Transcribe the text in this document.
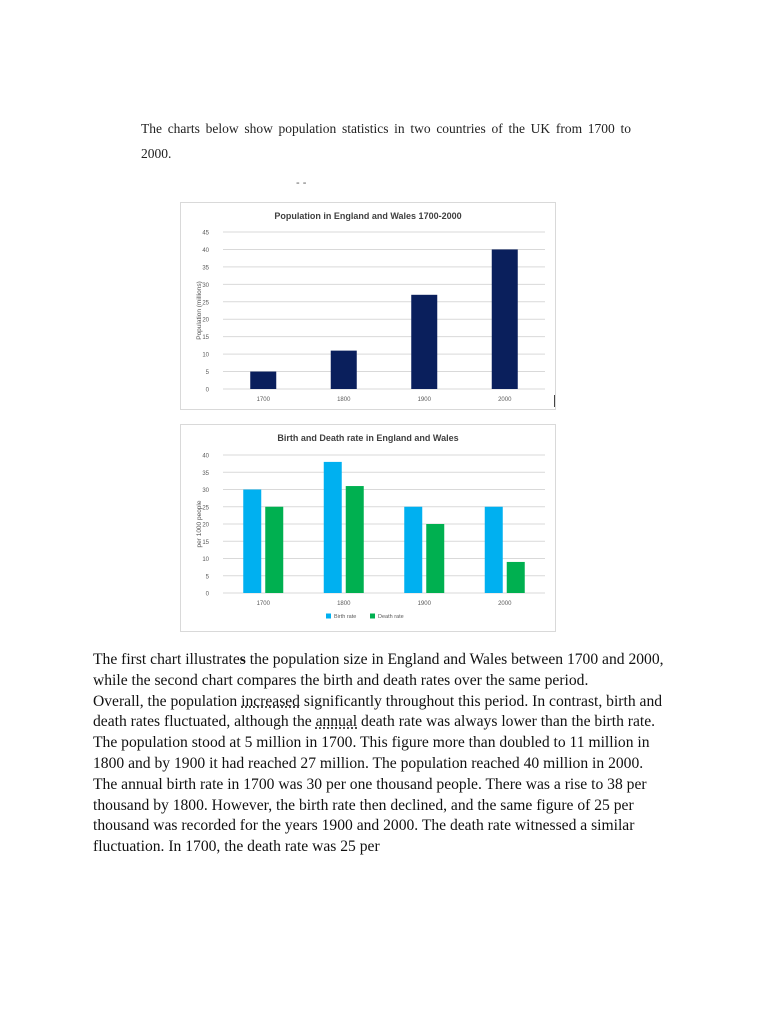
The charts below show population statistics in two countries of the UK from 1700 to 2000.
- -
Population in England and Wales 1700-2000
0
5
10
15
20
25
30
35
40
45
Population (millions)
1700	1800	1900	2000
Birth and Death rate in England and Wales
0
5
10
15
20
25
30
35
40
per 1000 people
1700	1800	1900	2000
Birth rate	Death rate

The first chart illustrates the population size in England and Wales between 1700 and 2000, while the second chart compares the birth and death rates over the same period.

Overall, the population increased significantly throughout this period. In contrast, birth and death rates fluctuated, although the annual death rate was always lower than the birth rate.

The population stood at 5 million in 1700. This figure more than doubled to 11 million in 1800 and by 1900 it had reached 27 million. The population reached 40 million in 2000.

The annual birth rate in 1700 was 30 per one thousand people. There was a rise to 38 per thousand by 1800. However, the birth rate then declined, and the same figure of 25 per thousand was recorded for the years 1900 and 2000. The death rate witnessed a similar fluctuation. In 1700, the death rate was 25 per
